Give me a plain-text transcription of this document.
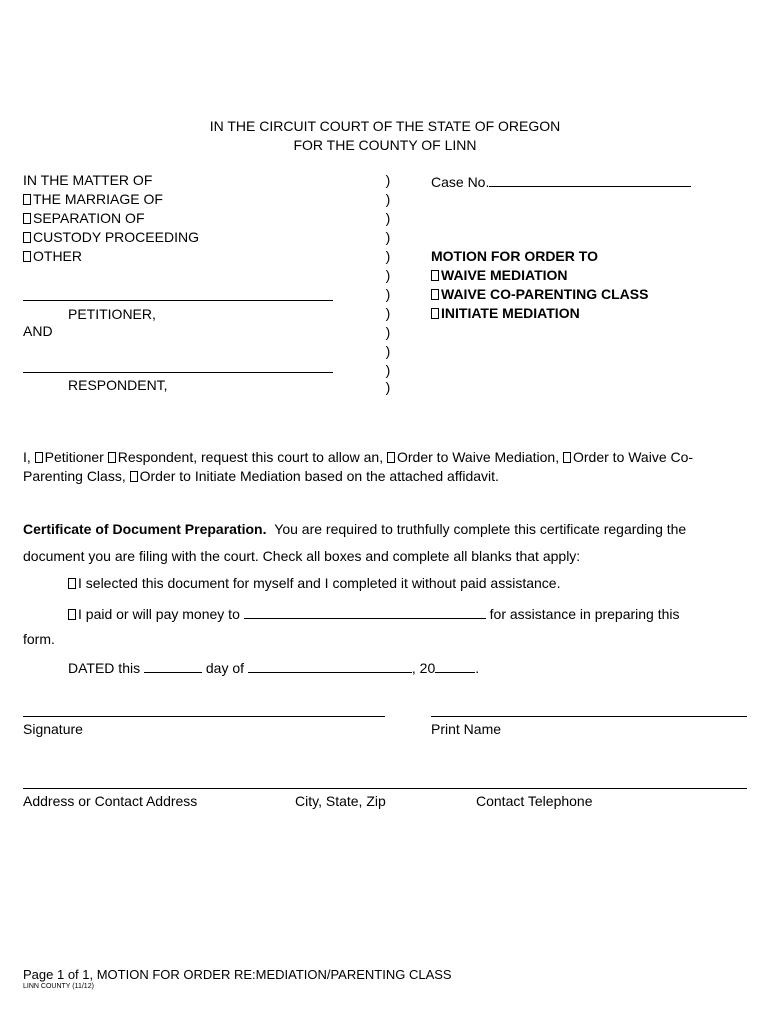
IN THE CIRCUIT COURT OF THE STATE OF OREGON
FOR THE COUNTY OF LINN
IN THE MATTER OF
THE MARRIAGE OF
SEPARATION OF
CUSTODY PROCEEDING
OTHER
PETITIONER,
AND
RESPONDENT,
)
)
)
)
)
)
)
)
)
)
)
)
Case No.
MOTION FOR ORDER TO
WAIVE MEDIATION
WAIVE CO-PARENTING CLASS
INITIATE MEDIATION
I, Petitioner Respondent, request this court to allow an, Order to Waive Mediation, Order to Waive Co-
Parenting Class, Order to Initiate Mediation based on the attached affidavit.
Certificate of Document Preparation. You are required to truthfully complete this certificate regarding the
document you are filing with the court. Check all boxes and complete all blanks that apply:
I selected this document for myself and I completed it without paid assistance.
I paid or will pay money to	for assistance in preparing this
form.
DATED this	day of	, 20	.
Signature	Print Name
Address or Contact Address	City, State, Zip	Contact Telephone
Page 1 of 1, MOTION FOR ORDER RE:MEDIATION/PARENTING CLASS
LINN COUNTY (11/12)
